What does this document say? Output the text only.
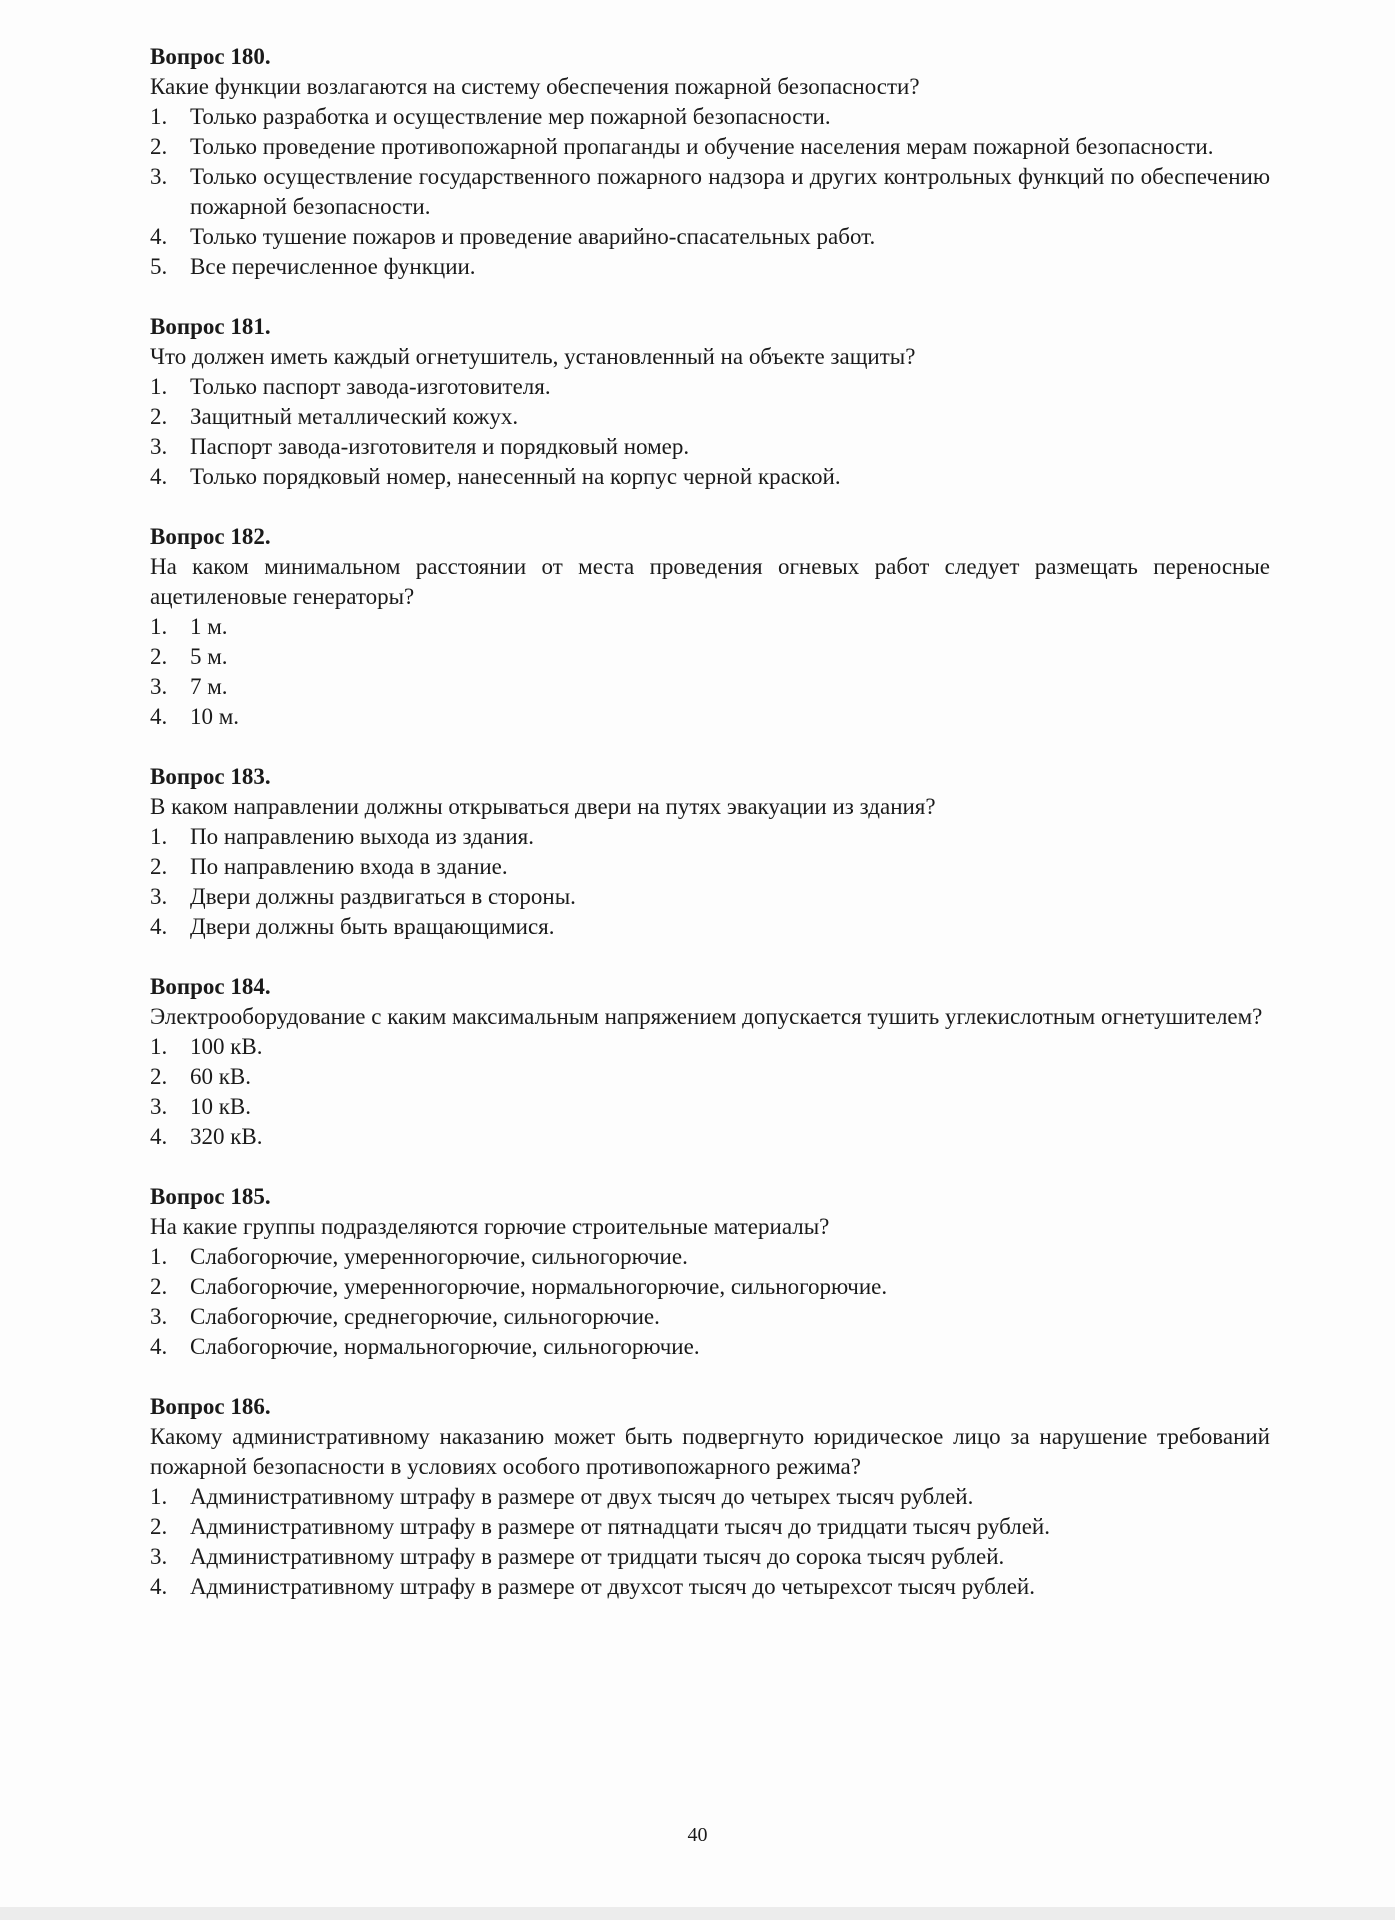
Вопрос 180.

Какие функции возлагаются на систему обеспечения пожарной безопасности?

1. Только разработка и осуществление мер пожарной безопасности.
2. Только проведение противопожарной пропаганды и обучение населения мерам пожарной безопасности.
3. Только осуществление государственного пожарного надзора и других контрольных функций по обеспечению пожарной безопасности.
4. Только тушение пожаров и проведение аварийно-спасательных работ.
5. Все перечисленное функции.

Вопрос 181.

Что должен иметь каждый огнетушитель, установленный на объекте защиты?

1. Только паспорт завода-изготовителя.
2. Защитный металлический кожух.
3. Паспорт завода-изготовителя и порядковый номер.
4. Только порядковый номер, нанесенный на корпус черной краской.

Вопрос 182.

На каком минимальном расстоянии от места проведения огневых работ следует размещать переносные ацетиленовые генераторы?

1. 1 м.
2. 5 м.
3. 7 м.
4. 10 м.

Вопрос 183.

В каком направлении должны открываться двери на путях эвакуации из здания?

1. По направлению выхода из здания.
2. По направлению входа в здание.
3. Двери должны раздвигаться в стороны.
4. Двери должны быть вращающимися.

Вопрос 184.

Электрооборудование с каким максимальным напряжением допускается тушить углекислотным огнетушителем?

1. 100 кВ.
2. 60 кВ.
3. 10 кВ.
4. 320 кВ.

Вопрос 185.

На какие группы подразделяются горючие строительные материалы?

1. Слабогорючие, умеренногорючие, сильногорючие.
2. Слабогорючие, умеренногорючие, нормальногорючие, сильногорючие.
3. Слабогорючие, среднегорючие, сильногорючие.
4. Слабогорючие, нормальногорючие, сильногорючие.

Вопрос 186.

Какому административному наказанию может быть подвергнуто юридическое лицо за нарушение требований пожарной безопасности в условиях особого противопожарного режима?

1. Административному штрафу в размере от двух тысяч до четырех тысяч рублей.
2. Административному штрафу в размере от пятнадцати тысяч до тридцати тысяч рублей.
3. Административному штрафу в размере от тридцати тысяч до сорока тысяч рублей.
4. Административному штрафу в размере от двухсот тысяч до четырехсот тысяч рублей.
40
